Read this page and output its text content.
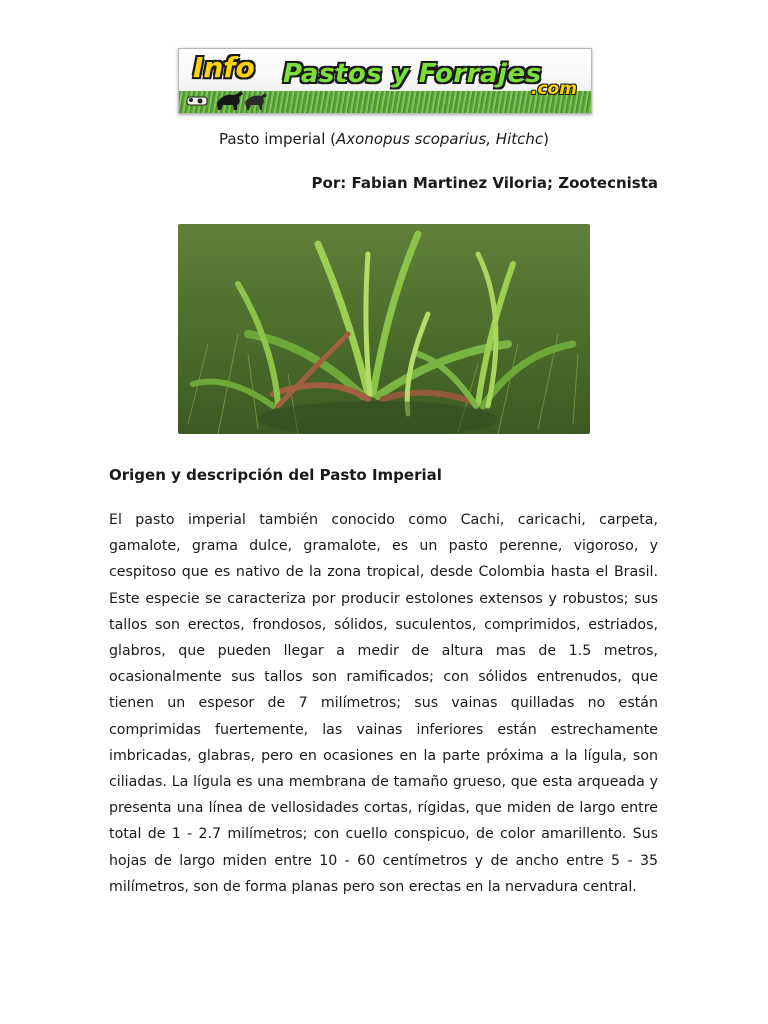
Info Pastos y Forrajes
.com
Pasto imperial (Axonopus scoparius, Hitchc)
Por: Fabian Martinez Viloria; Zootecnista
Origen y descripción del Pasto Imperial
El pasto imperial también conocido como Cachi, caricachi, carpeta, gamalote, grama dulce, gramalote, es un pasto perenne, vigoroso, y cespitoso que es nativo de la zona tropical, desde Colombia hasta el Brasil. Este especie se caracteriza por producir estolones extensos y robustos; sus tallos son erectos, frondosos, sólidos, suculentos, comprimidos, estriados, glabros, que pueden llegar a medir de altura mas de 1.5 metros, ocasionalmente sus tallos son ramificados; con sólidos entrenudos, que tienen un espesor de 7 milímetros; sus vainas quilladas no están comprimidas fuertemente, las vainas inferiores están estrechamente imbricadas, glabras, pero en ocasiones en la parte próxima a la lígula, son ciliadas. La lígula es una membrana de tamaño grueso, que esta arqueada y presenta una línea de vellosidades cortas, rígidas, que miden de largo entre total de 1 - 2.7 milímetros; con cuello conspicuo, de color amarillento. Sus hojas de largo miden entre 10 - 60 centímetros y de ancho entre 5 - 35 milímetros, son de forma planas pero son erectas en la nervadura central.
